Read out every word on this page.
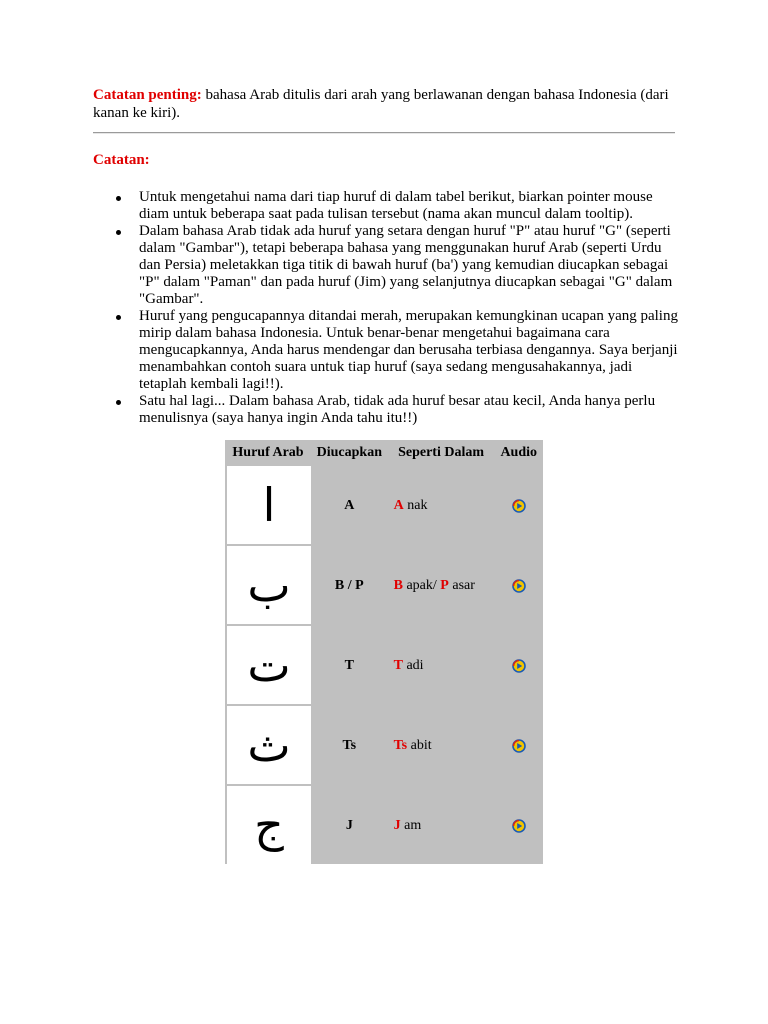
Catatan penting: bahasa Arab ditulis dari arah yang berlawanan dengan bahasa Indonesia (dari kanan ke kiri).
Catatan:
Untuk mengetahui nama dari tiap huruf di dalam tabel berikut, biarkan pointer mouse diam untuk beberapa saat pada tulisan tersebut (nama akan muncul dalam tooltip).
Dalam bahasa Arab tidak ada huruf yang setara dengan huruf "P" atau huruf "G" (seperti dalam "Gambar"), tetapi beberapa bahasa yang menggunakan huruf Arab (seperti Urdu dan Persia) meletakkan tiga titik di bawah huruf (ba') yang kemudian diucapkan sebagai "P" dalam "Paman" dan pada huruf (Jim) yang selanjutnya diucapkan sebagai "G" dalam "Gambar".
Huruf yang pengucapannya ditandai merah, merupakan kemungkinan ucapan yang paling mirip dalam bahasa Indonesia. Untuk benar-benar mengetahui bagaimana cara mengucapkannya, Anda harus mendengar dan berusaha terbiasa dengannya. Saya berjanji menambahkan contoh suara untuk tiap huruf (saya sedang mengusahakannya, jadi tetaplah kembali lagi!!).
Satu hal lagi... Dalam bahasa Arab, tidak ada huruf besar atau kecil, Anda hanya perlu menulisnya (saya hanya ingin Anda tahu itu!!)
Huruf Arab	Diucapkan	Seperti Dalam	Audio

ا	A	A nak	

ب	B / P	B apak/ P asar	

ت	T	T adi	

ث	Ts	Ts abit	

ج	J	J am	
